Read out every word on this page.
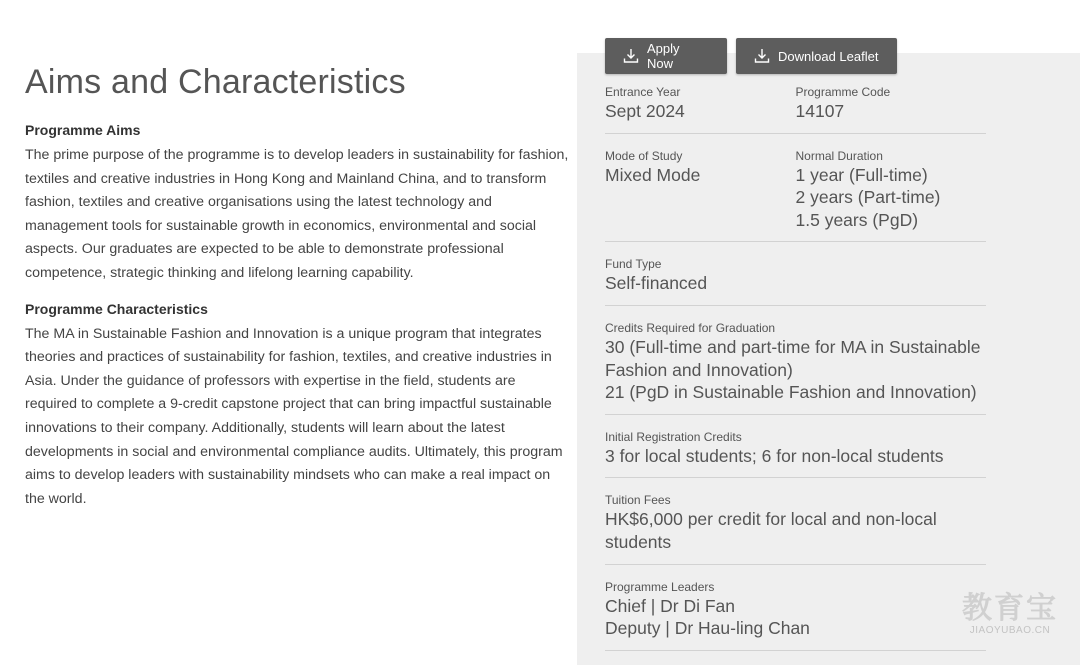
Aims and Characteristics
Programme Aims

The prime purpose of the programme is to develop leaders in sustainability for fashion, textiles and creative industries in Hong Kong and Mainland China, and to transform fashion, textiles and creative organisations using the latest technology and management tools for sustainable growth in economics, environmental and social aspects. Our graduates are expected to be able to demonstrate professional competence, strategic thinking and lifelong learning capability.

Programme Characteristics

The MA in Sustainable Fashion and Innovation is a unique program that integrates theories and practices of sustainability for fashion, textiles, and creative industries in Asia. Under the guidance of professors with expertise in the field, students are required to complete a 9-credit capstone project that can bring impactful sustainable innovations to their company. Additionally, students will learn about the latest developments in social and environmental compliance audits. Ultimately, this program aims to develop leaders with sustainability mindsets who can make a real impact on the world.

Apply Now	Download Leaflet
Entrance Year
Sept 2024
Programme Code
14107
Mode of Study
Mixed Mode
Normal Duration
1 year (Full-time)
2 years (Part-time)
1.5 years (PgD)
Fund Type
Self-financed
Credits Required for Graduation
30 (Full-time and part-time for MA in Sustainable Fashion and Innovation)
21 (PgD in Sustainable Fashion and Innovation)
Initial Registration Credits
3 for local students; 6 for non-local students
Tuition Fees
HK$6,000 per credit for local and non-local students
Programme Leaders
Chief | Dr Di Fan
Deputy | Dr Hau-ling Chan
教育宝
JIAOYUBAO.CN
